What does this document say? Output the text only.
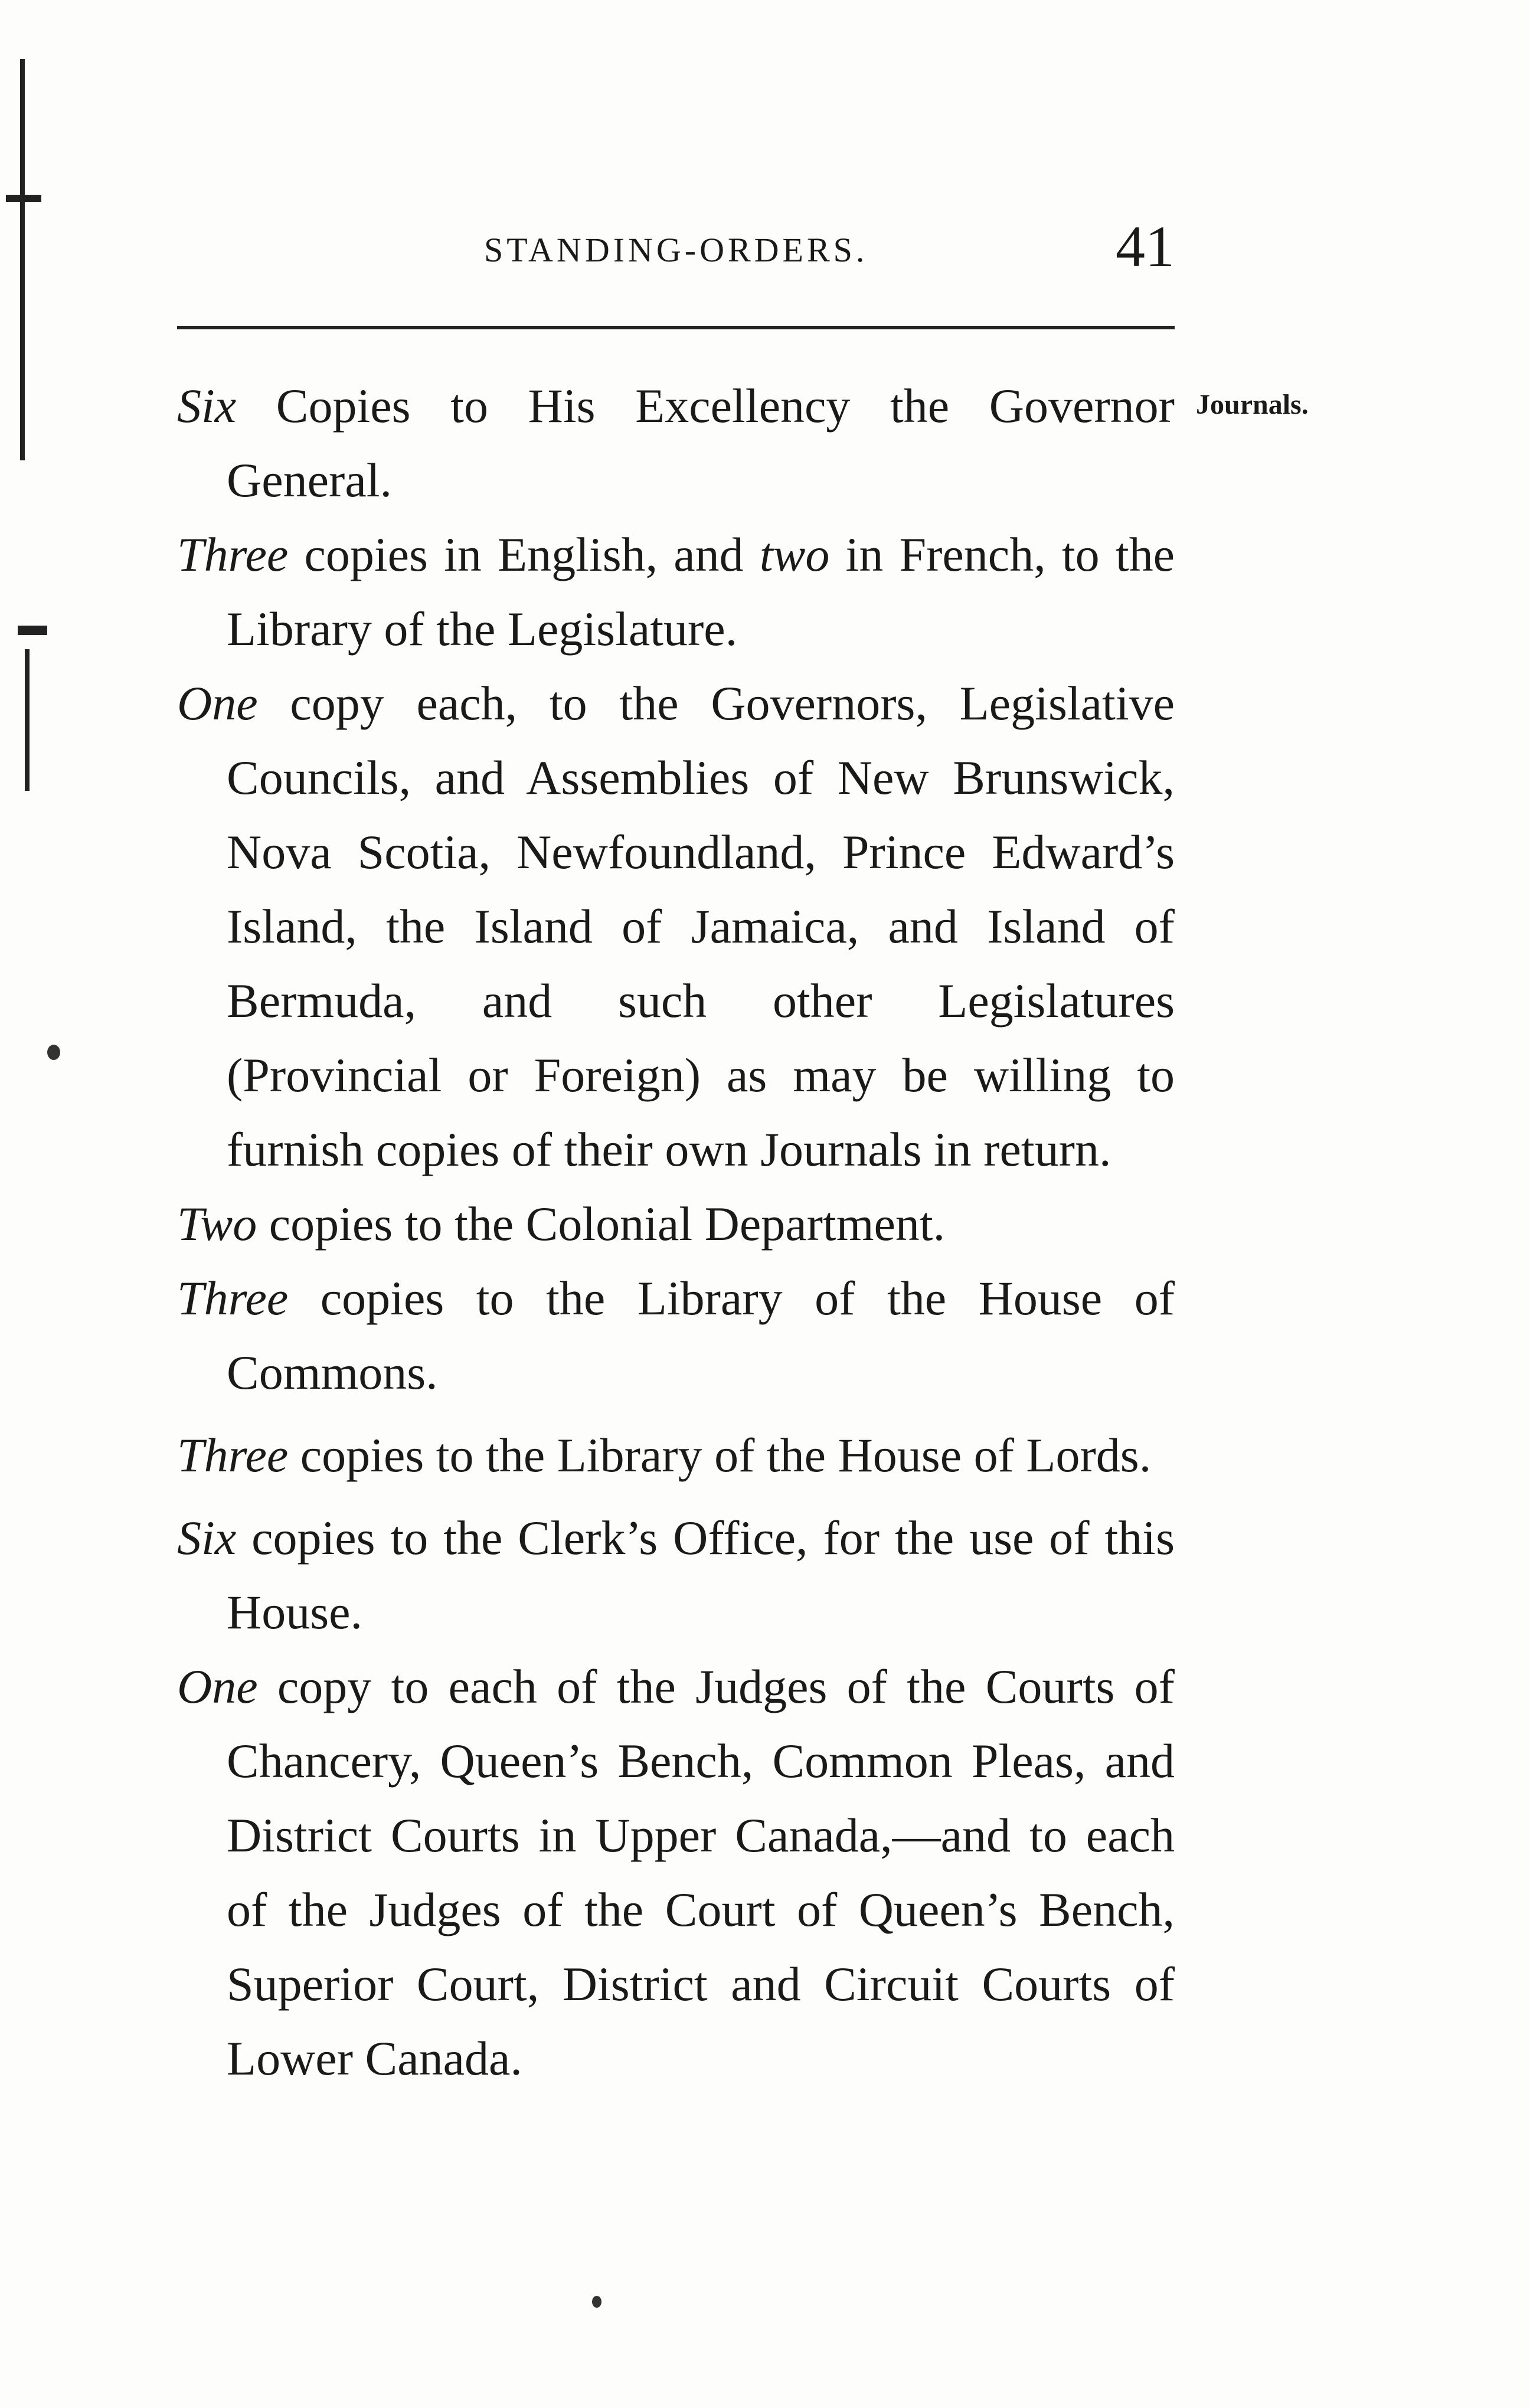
STANDING-ORDERS.	41
Journals.

Six Copies to His Excellency the Governor General.

Three copies in English, and two in French, to the Library of the Legislature.

One copy each, to the Governors, Legislative Councils, and Assemblies of New Brunswick, Nova Scotia, Newfoundland, Prince Edward’s Island, the Island of Jamaica, and Island of Bermuda, and such other Legislatures (Provincial or Foreign) as may be willing to furnish copies of their own Journals in return.

Two copies to the Colonial Department.

Three copies to the Library of the House of Commons.

Three copies to the Library of the House of Lords.

Six copies to the Clerk’s Office, for the use of this House.

One copy to each of the Judges of the Courts of Chancery, Queen’s Bench, Common Pleas, and District Courts in Upper Canada,—and to each of the Judges of the Court of Queen’s Bench, Superior Court, District and Circuit Courts of Lower Canada.
